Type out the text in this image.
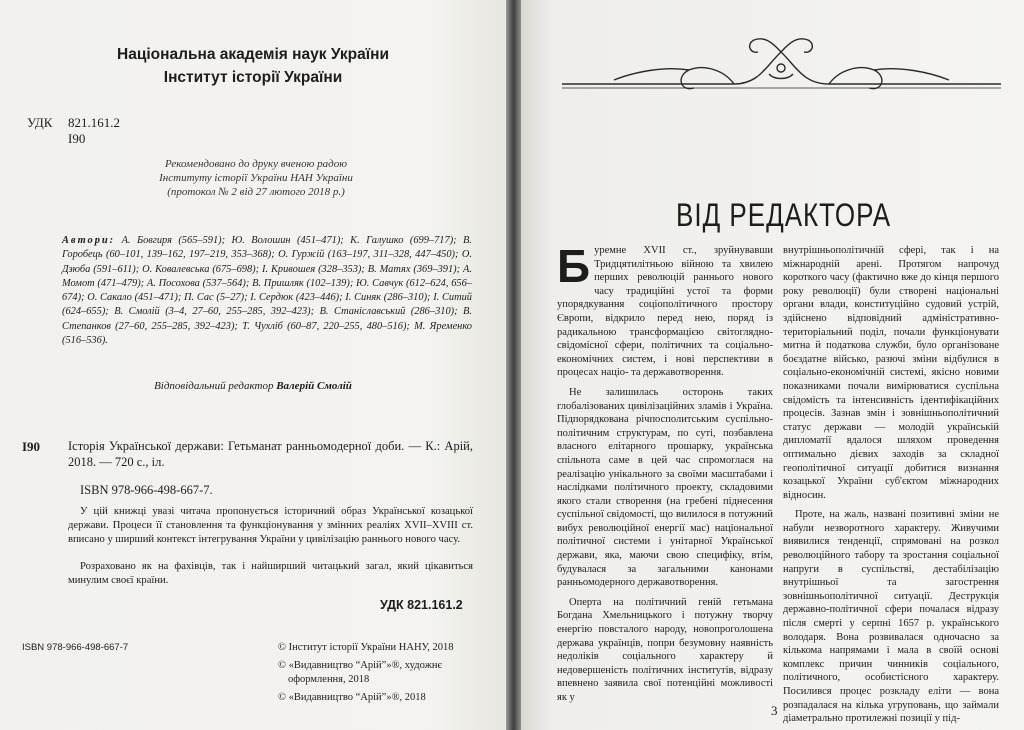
Національна академія наук України
Інститут історії України
УДК 821.161.2
І90
Рекомендовано до друку вченою радою
Інституту історії України НАН України
(протокол № 2 від 27 лютого 2018 р.)
Автори: А. Бовгиря (565–591); Ю. Волошин (451–471); К. Галушко (699–717); В. Горобець (60–101, 139–162, 197–219, 353–368); О. Гуржій (163–197, 311–328, 447–450); О. Дзюба (591–611); О. Ковалевська (675–698); І. Кривошея (328–353); В. Матях (369–391); А. Момот (471–479); А. Посохова (537–564); В. Пришляк (102–139); Ю. Савчук (612–624, 656–674); О. Сакало (451–471); П. Сас (5–27); І. Сердюк (423–446); І. Синяк (286–310); І. Ситий (624–655); В. Смолій (3–4, 27–60, 255–285, 392–423); В. Станіславський (286–310); В. Степанков (27–60, 255–285, 392–423); Т. Чухліб (60–87, 220–255, 480–516); М. Яременко (516–536).
Відповідальний редактор Валерій Смолій
І90 Історія Української держави: Гетьманат ранньомодерної доби. — К.: Арій, 2018. — 720 с., іл.
ISBN 978-966-498-667-7.
У цій книжці увазі читача пропонується історичний образ Української козацької держави. Процеси її становлення та функціонування у змінних реаліях XVII–XVIII ст. вписано у ширший контекст інтегрування України у цивілізацію раннього нового часу.
Розраховано як на фахівців, так і найширший читацький загал, який цікавиться минулим своєї країни.
УДК 821.161.2
ISBN 978-966-498-667-7	© Інститут історії України НАНУ, 2018
© «Видавництво “Арій”»®, художнє
оформлення, 2018
© «Видавництво “Арій”»®, 2018
ВІД РЕДАКТОРА

Буремне XVII ст., зруйнувавши Тридцятилітньою війною та хвилею перших революцій раннього нового часу традиційні устої та форми упорядкування соціополітичного простору Європи, відкрило перед нею, поряд із радикальною трансформацією світоглядно-свідомісної сфери, політичних та соціально-економічних систем, і нові перспективи в процесах націо- та державотворення.

Не залишилась осторонь таких глобалізованих цивілізаційних зламів і Україна. Підпорядкована річпосполитським суспільно-політичним структурам, по суті, позбавлена власного елітарного прошарку, українська спільнота саме в цей час спромоглася на реалізацію унікального за своїми масштабами і наслідками політичного проекту, складовими якого стали створення (на гребені піднесення суспільної свідомості, що вилилося в потужний вибух революційної енергії мас) національної політичної системи і унітарної Української держави, яка, маючи свою специфіку, втім, будувалася за загальними канонами ранньомодерного державотворення.

Оперта на політичний геній гетьмана Богдана Хмельницького і потужну творчу енергію повсталого народу, новопроголошена держава українців, попри безумовну наявність недоліків соціального характеру й недовершеність політичних інститутів, відразу впевнено заявила свої потенційні можливості як у

внутрішньополітичній сфері, так і на міжнародній арені. Протягом напрочуд короткого часу (фактично вже до кінця першого року революції) були створені національні органи влади, конституційно судовий устрій, здійснено відповідний адміністративно-територіальний поділ, почали функціонувати митна й податкова служби, було організоване боєздатне військо, разючі зміни відбулися в соціально-економічній системі, якісно новими показниками почали вимірюватися суспільна свідомість та інтенсивність ідентифікаційних процесів. Зазнав змін і зовнішньополітичний статус держави — молодій українській дипломатії вдалося шляхом проведення оптимально дієвих заходів за складної геополітичної ситуації добитися визнання козацької України суб'єктом міжнародних відносин.

Проте, на жаль, названі позитивні зміни не набули незворотного характеру. Живучими виявилися тенденції, спрямовані на розкол революційного табору та зростання соціальної напруги в суспільстві, дестабілізацію внутрішньої та загострення зовнішньополітичної ситуації. Деструкція державно-політичної сфери почалася відразу після смерті у серпні 1657 р. українського володаря. Вона розвивалася одночасно за кількома напрямами і мала в своїй основі комплекс причин чинників соціального, політичного, особистісного характеру. Посилився процес розкладу еліти — вона розпадалася на кілька угруповань, що займали діаметрально протилежні позиції у під-

3
